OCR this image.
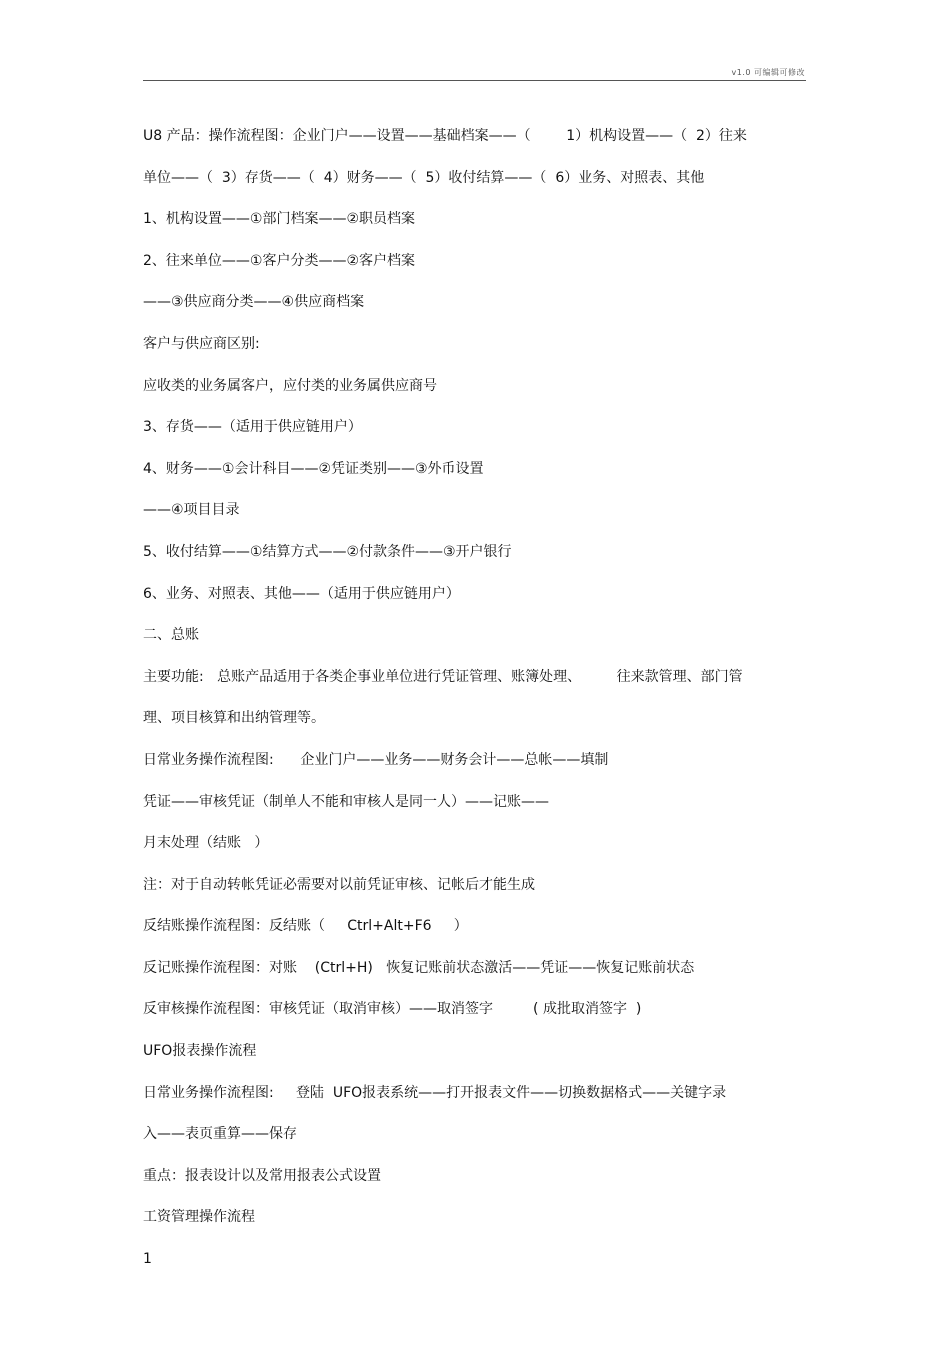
v1.0 可编辑可修改
U8 产品：操作流程图：企业门户——设置——基础档案——（        1）机构设置——（  2）往来
单位——（  3）存货——（  4）财务——（  5）收付结算——（  6）业务、对照表、其他
1、机构设置——①部门档案——②职员档案
2、往来单位——①客户分类——②客户档案
——③供应商分类——④供应商档案
客户与供应商区别:
应收类的业务属客户，应付类的业务属供应商号
3、存货——（适用于供应链用户）
4、财务——①会计科目——②凭证类别——③外币设置
——④项目目录
5、收付结算——①结算方式——②付款条件——③开户银行
6、业务、对照表、其他——（适用于供应链用户）
二、总账
主要功能:   总账产品适用于各类企事业单位进行凭证管理、账簿处理、        往来款管理、部门管
理、项目核算和出纳管理等。
日常业务操作流程图:      企业门户——业务——财务会计——总帐——填制
凭证——审核凭证（制单人不能和审核人是同一人）——记账——
月末处理（结账   ）
注：对于自动转帐凭证必需要对以前凭证审核、记帐后才能生成
反结账操作流程图：反结账（     Ctrl+Alt+F6     ）
反记账操作流程图：对账    (Ctrl+H)   恢复记账前状态激活——凭证——恢复记账前状态
反审核操作流程图：审核凭证（取消审核）——取消签字         ( 成批取消签字  )
UFO报表操作流程
日常业务操作流程图:     登陆  UFO报表系统——打开报表文件——切换数据格式——关键字录
入——表页重算——保存
重点：报表设计以及常用报表公式设置
工资管理操作流程
1
